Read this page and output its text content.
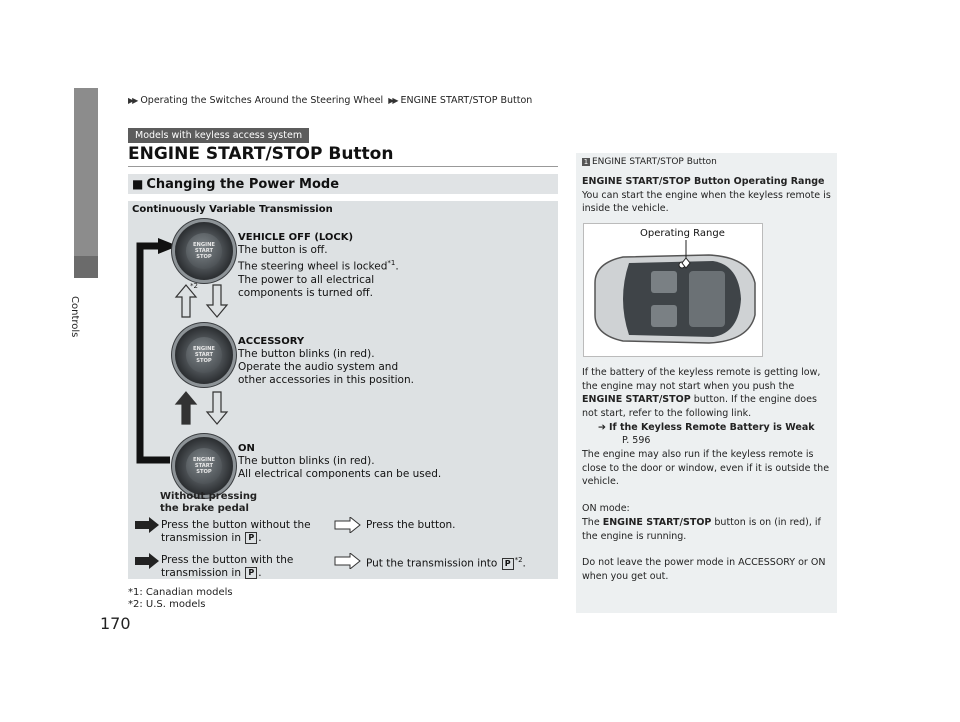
Controls
170
▶▶ Operating the Switches Around the Steering Wheel ▶▶ ENGINE START/STOP Button
Models with keyless access system
ENGINE START/STOP Button
■ Changing the Power Mode
Continuously Variable Transmission
ENGINE
START
STOP
ENGINE
START
STOP
ENGINE
START
STOP
*2
VEHICLE OFF (LOCK)
The button is off.
The steering wheel is locked$^{*1}$.
The power to all electrical
components is turned off.
ACCESSORY
The button blinks (in red).
Operate the audio system and
other accessories in this position.
ON
The button blinks (in red).
All electrical components can be used.
Without pressing
the brake pedal
Press the button without the
transmission in P .
Press the button.
Press the button with the
transmission in P .
Put the transmission into P $^{*2}$.
*1: Canadian models
*2: U.S. models
1 ENGINE START/STOP Button
ENGINE START/STOP Button Operating Range
You can start the engine when the keyless remote is inside the vehicle.
If the battery of the keyless remote is getting low, the engine may not start when you push the ENGINE START/STOP button. If the engine does not start, refer to the following link.
➔ If the Keyless Remote Battery is Weak
P. 596
The engine may also run if the keyless remote is close to the door or window, even if it is outside the vehicle.
ON mode:
The ENGINE START/STOP button is on (in red), if the engine is running.
Do not leave the power mode in ACCESSORY or ON when you get out.
Operating Range
